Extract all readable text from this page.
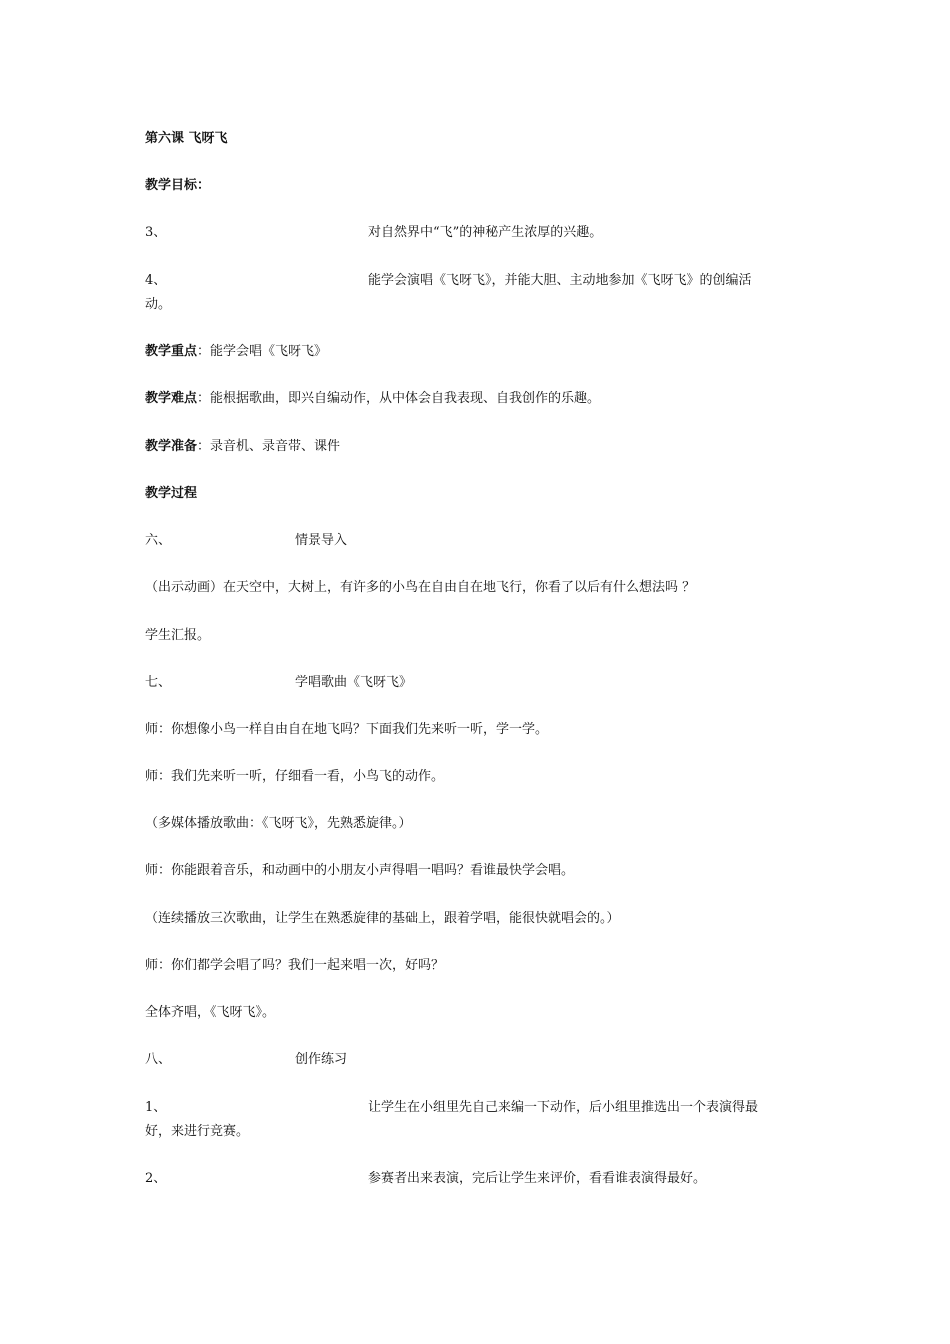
第六课 飞呀飞
教学目标：
3、	对自然界中“飞”的神秘产生浓厚的兴趣。
4、	能学会演唱《飞呀飞》，并能大胆、主动地参加《飞呀飞》的创编活
动。
教学重点：能学会唱《飞呀飞》
教学难点：能根据歌曲，即兴自编动作，从中体会自我表现、自我创作的乐趣。
教学准备：录音机、录音带、课件
教学过程
六、	情景导入
（出示动画）在天空中，大树上，有许多的小鸟在自由自在地飞行，你看了以后有什么想法吗 ？
学生汇报。
七、	学唱歌曲《飞呀飞》
师：你想像小鸟一样自由自在地飞吗？下面我们先来听一听，学一学。
师：我们先来听一听，仔细看一看，小鸟飞的动作。
（多媒体播放歌曲：《飞呀飞》，先熟悉旋律。）
师：你能跟着音乐，和动画中的小朋友小声得唱一唱吗？看谁最快学会唱。
（连续播放三次歌曲，让学生在熟悉旋律的基础上，跟着学唱，能很快就唱会的。）
师：你们都学会唱了吗？我们一起来唱一次，好吗？
全体齐唱，《飞呀飞》。
八、	创作练习
1、	让学生在小组里先自己来编一下动作，后小组里推选出一个表演得最
好，来进行竞赛。
2、	参赛者出来表演，完后让学生来评价，看看谁表演得最好。
